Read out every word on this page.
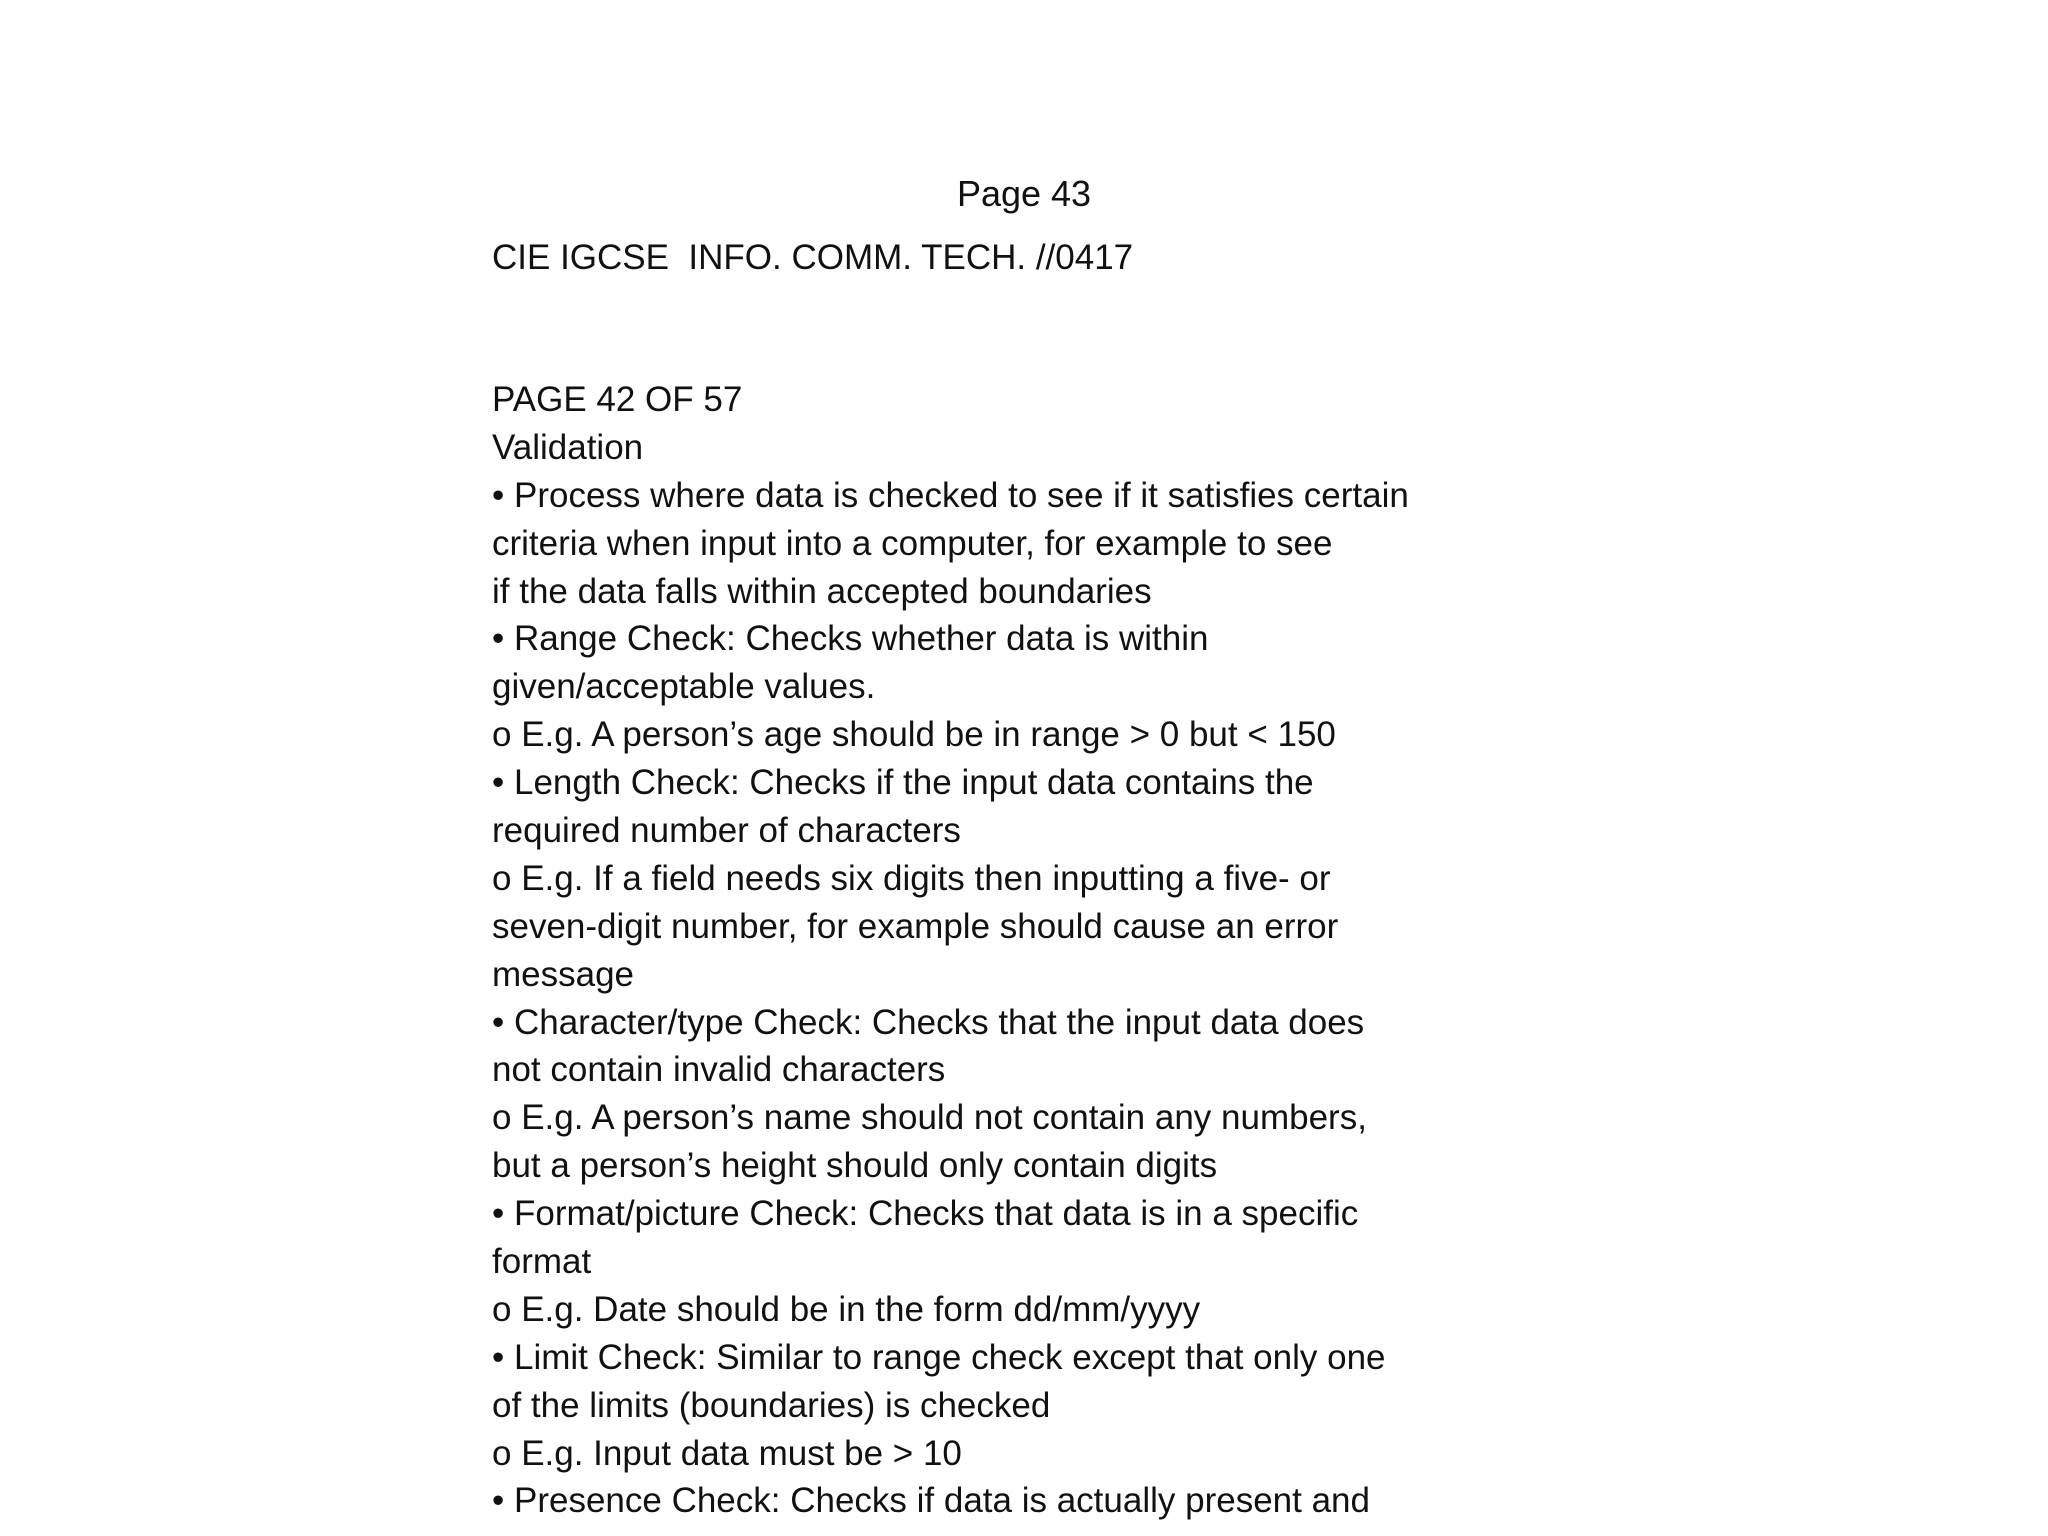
Page 43
CIE IGCSE  INFO. COMM. TECH. //0417
PAGE 42 OF 57
Validation
• Process where data is checked to see if it satisfies certain
criteria when input into a computer, for example to see
if the data falls within accepted boundaries
• Range Check: Checks whether data is within
given/acceptable values.
o E.g. A person’s age should be in range > 0 but < 150
• Length Check: Checks if the input data contains the
required number of characters
o E.g. If a field needs six digits then inputting a five- or
seven-digit number, for example should cause an error
message
• Character/type Check: Checks that the input data does
not contain invalid characters
o E.g. A person’s name should not contain any numbers,
but a person’s height should only contain digits
• Format/picture Check: Checks that data is in a specific
format
o E.g. Date should be in the form dd/mm/yyyy
• Limit Check: Similar to range check except that only one
of the limits (boundaries) is checked
o E.g. Input data must be > 10
• Presence Check: Checks if data is actually present and
